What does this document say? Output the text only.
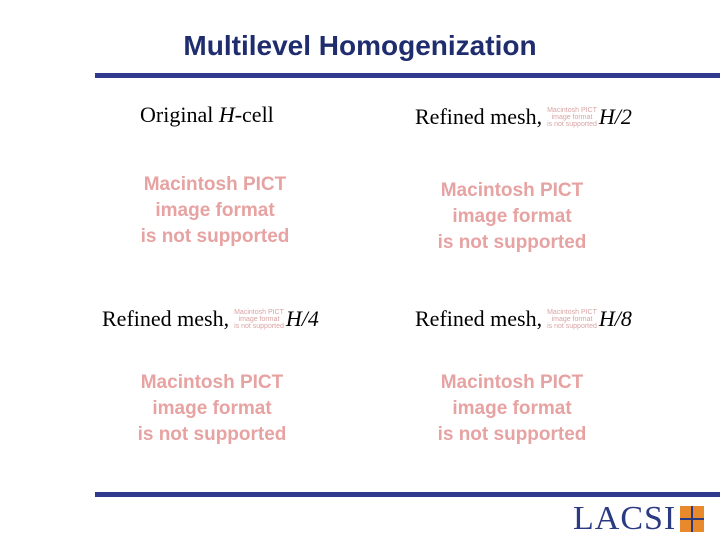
Multilevel Homogenization
Original
H -cell	Refined mesh, Macintosh PICT
image format
is not supported H/2
Macintosh PICT
image format
is not supported
Macintosh PICT
image format
is not supported
Refined mesh, Macintosh PICT
image format
is not supported H/4	Refined mesh, Macintosh PICT
image format
is not supported H/8
Macintosh PICT
image format
is not supported
Macintosh PICT
image format
is not supported
LACSI
